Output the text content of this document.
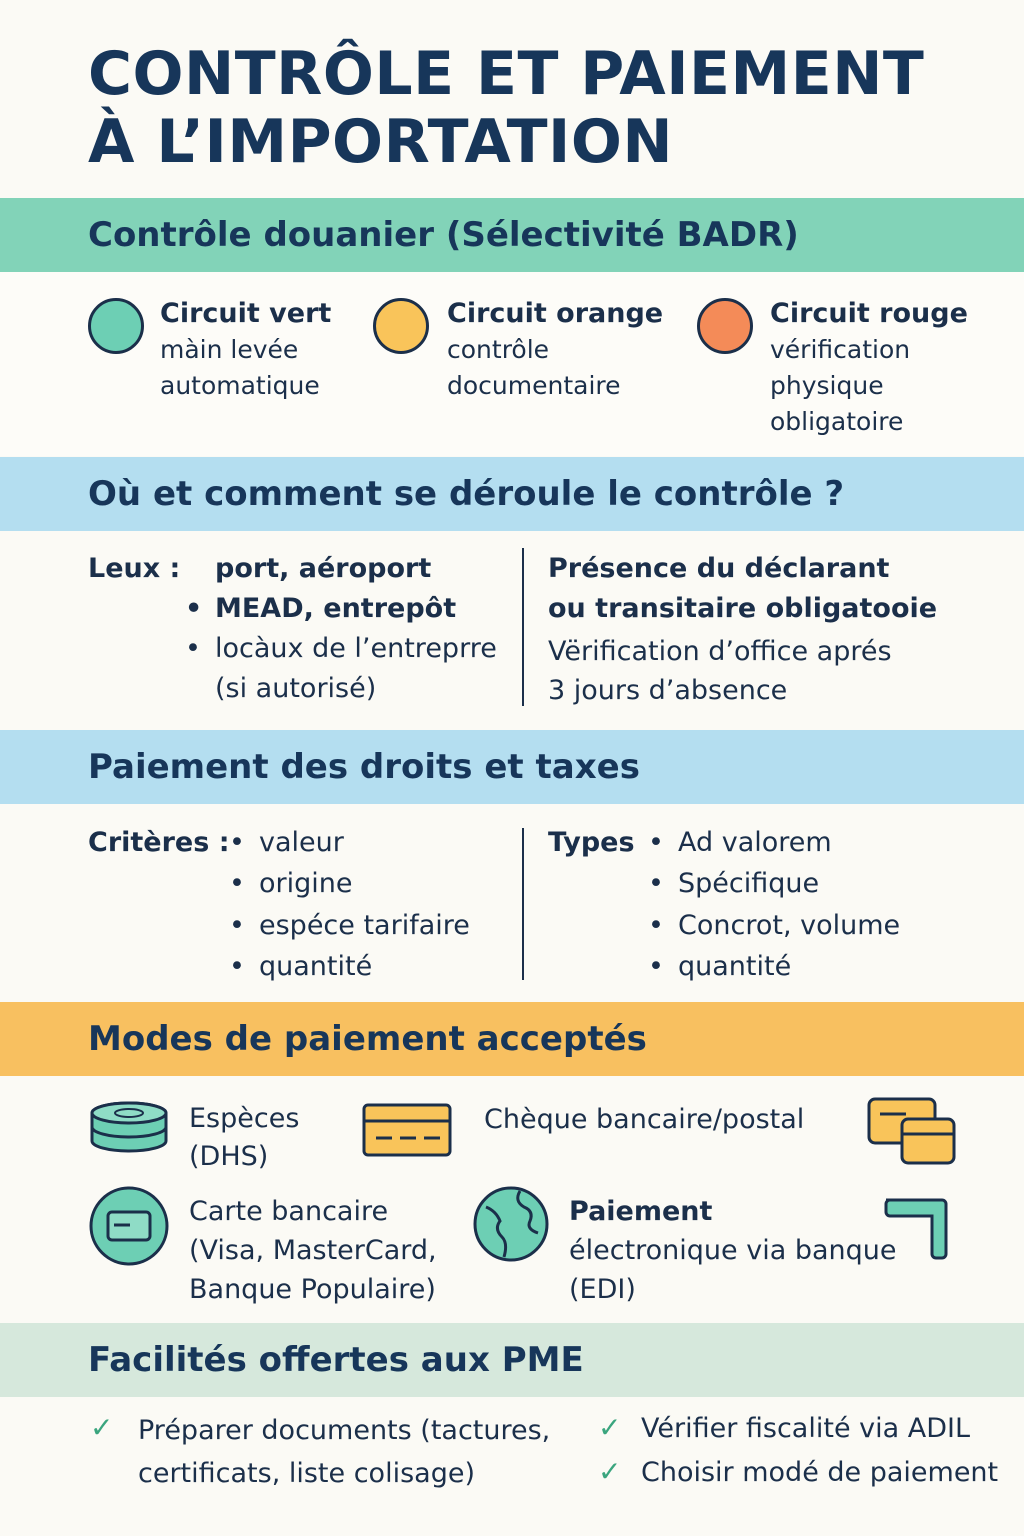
CONTRÔLE ET PAIEMENT
À L’IMPORTATION
Contrôle douanier (Sélectivité BADR)
Circuit vert
màin levée
automatique
Circuit orange
contrôle
documentaire
Circuit rouge
vérification
physique
obligatoire
Où et comment se déroule le contrôle ?
Leux : port, aéroport
• MEAD, entrepôt
• locàux de l’entreprre
(si autorisé)
Présence du déclarant
ou transitaire obligatooie
Vërification d’office aprés
3 jours d’absence
Paiement des droits et taxes
Critères : • valeur
• origine
• espéce tarifaire
• quantité
Types • Ad valorem
• Spécifique
• Concrot, volume
• quantité
Modes de paiement acceptés
Espèces
(DHS)
Chèque bancaire/postal
Carte bancaire
(Visa, MasterCard,
Banque Populaire)
Paiement
électronique via banque
(EDI)
Facilités offertes aux PME
✓ Préparer documents (tactures,
certificats, liste colisage)
✓ Vérifier fiscalité via ADIL
✓ Choisir modé de paiement
